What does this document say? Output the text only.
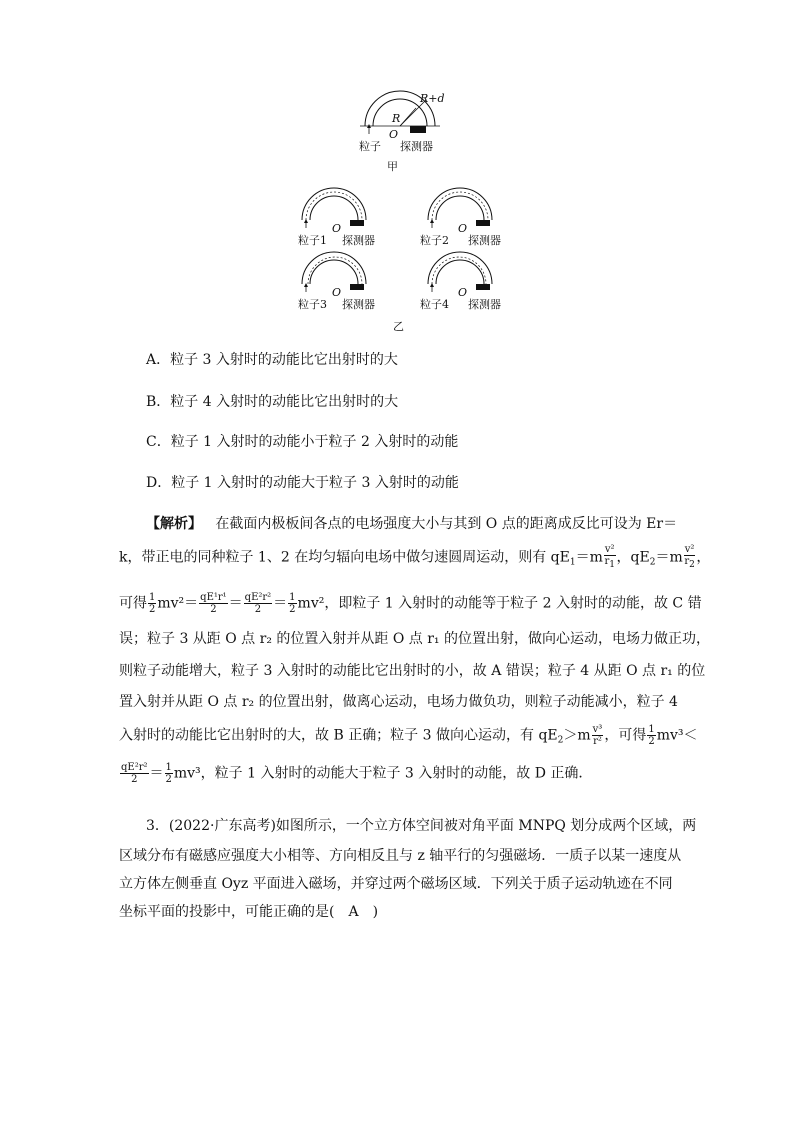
R
R+d
O
粒子 探测器
甲
O
粒子1 探测器
O
粒子2 探测器
O
粒子3 探测器
O
粒子4 探测器
乙
A．粒子 3 入射时的动能比它出射时的大
B．粒子 4 入射时的动能比它出射时的大
C．粒子 1 入射时的动能小于粒子 2 入射时的动能
D．粒子 1 入射时的动能大于粒子 3 入射时的动能
【解析】 在截面内极板间各点的电场强度大小与其到 O 点的距离成反比可设为 Er＝
k，带正电的同种粒子 1、2 在均匀辐向电场中做匀速圆周运动，则有 $qE_1=m \frac{\text{v²}}{r1}$ ，$qE_2=m \frac{\text{v²}}{r2}$ ，
可得 $\frac{1}{2} mv^2= \frac{\text{qE¹r¹}}{2} = \frac{\text{qE²r²}}{2} = \frac{1}{2} mv^2$，即粒子 1 入射时的动能等于粒子 2 入射时的动能，故 C 错
误；粒子 3 从距 O 点 r₂ 的位置入射并从距 O 点 r₁ 的位置出射，做向心运动，电场力做正功，
则粒子动能增大，粒子 3 入射时的动能比它出射时的小，故 A 错误；粒子 4 从距 O 点 r₁ 的位
置入射并从距 O 点 r₂ 的位置出射，做离心运动，电场力做负功，则粒子动能减小，粒子 4
入射时的动能比它出射时的大，故 B 正确；粒子 3 做向心运动，有 $qE_2>m \frac{\text{v³}}{\text{r²}}$ ，可得 $\frac{1}{2} mv^3<$
$\frac{\text{qE²r²}}{2} = \frac{1}{2} mv^3$，粒子 1 入射时的动能大于粒子 3 入射时的动能，故 D 正确．
3．(2022·广东高考)如图所示，一个立方体空间被对角平面 MNPQ 划分成两个区域，两
区域分布有磁感应强度大小相等、方向相反且与 z 轴平行的匀强磁场．一质子以某一速度从
立方体左侧垂直 Oyz 平面进入磁场，并穿过两个磁场区域．下列关于质子运动轨迹在不同
坐标平面的投影中，可能正确的是(　A　)
